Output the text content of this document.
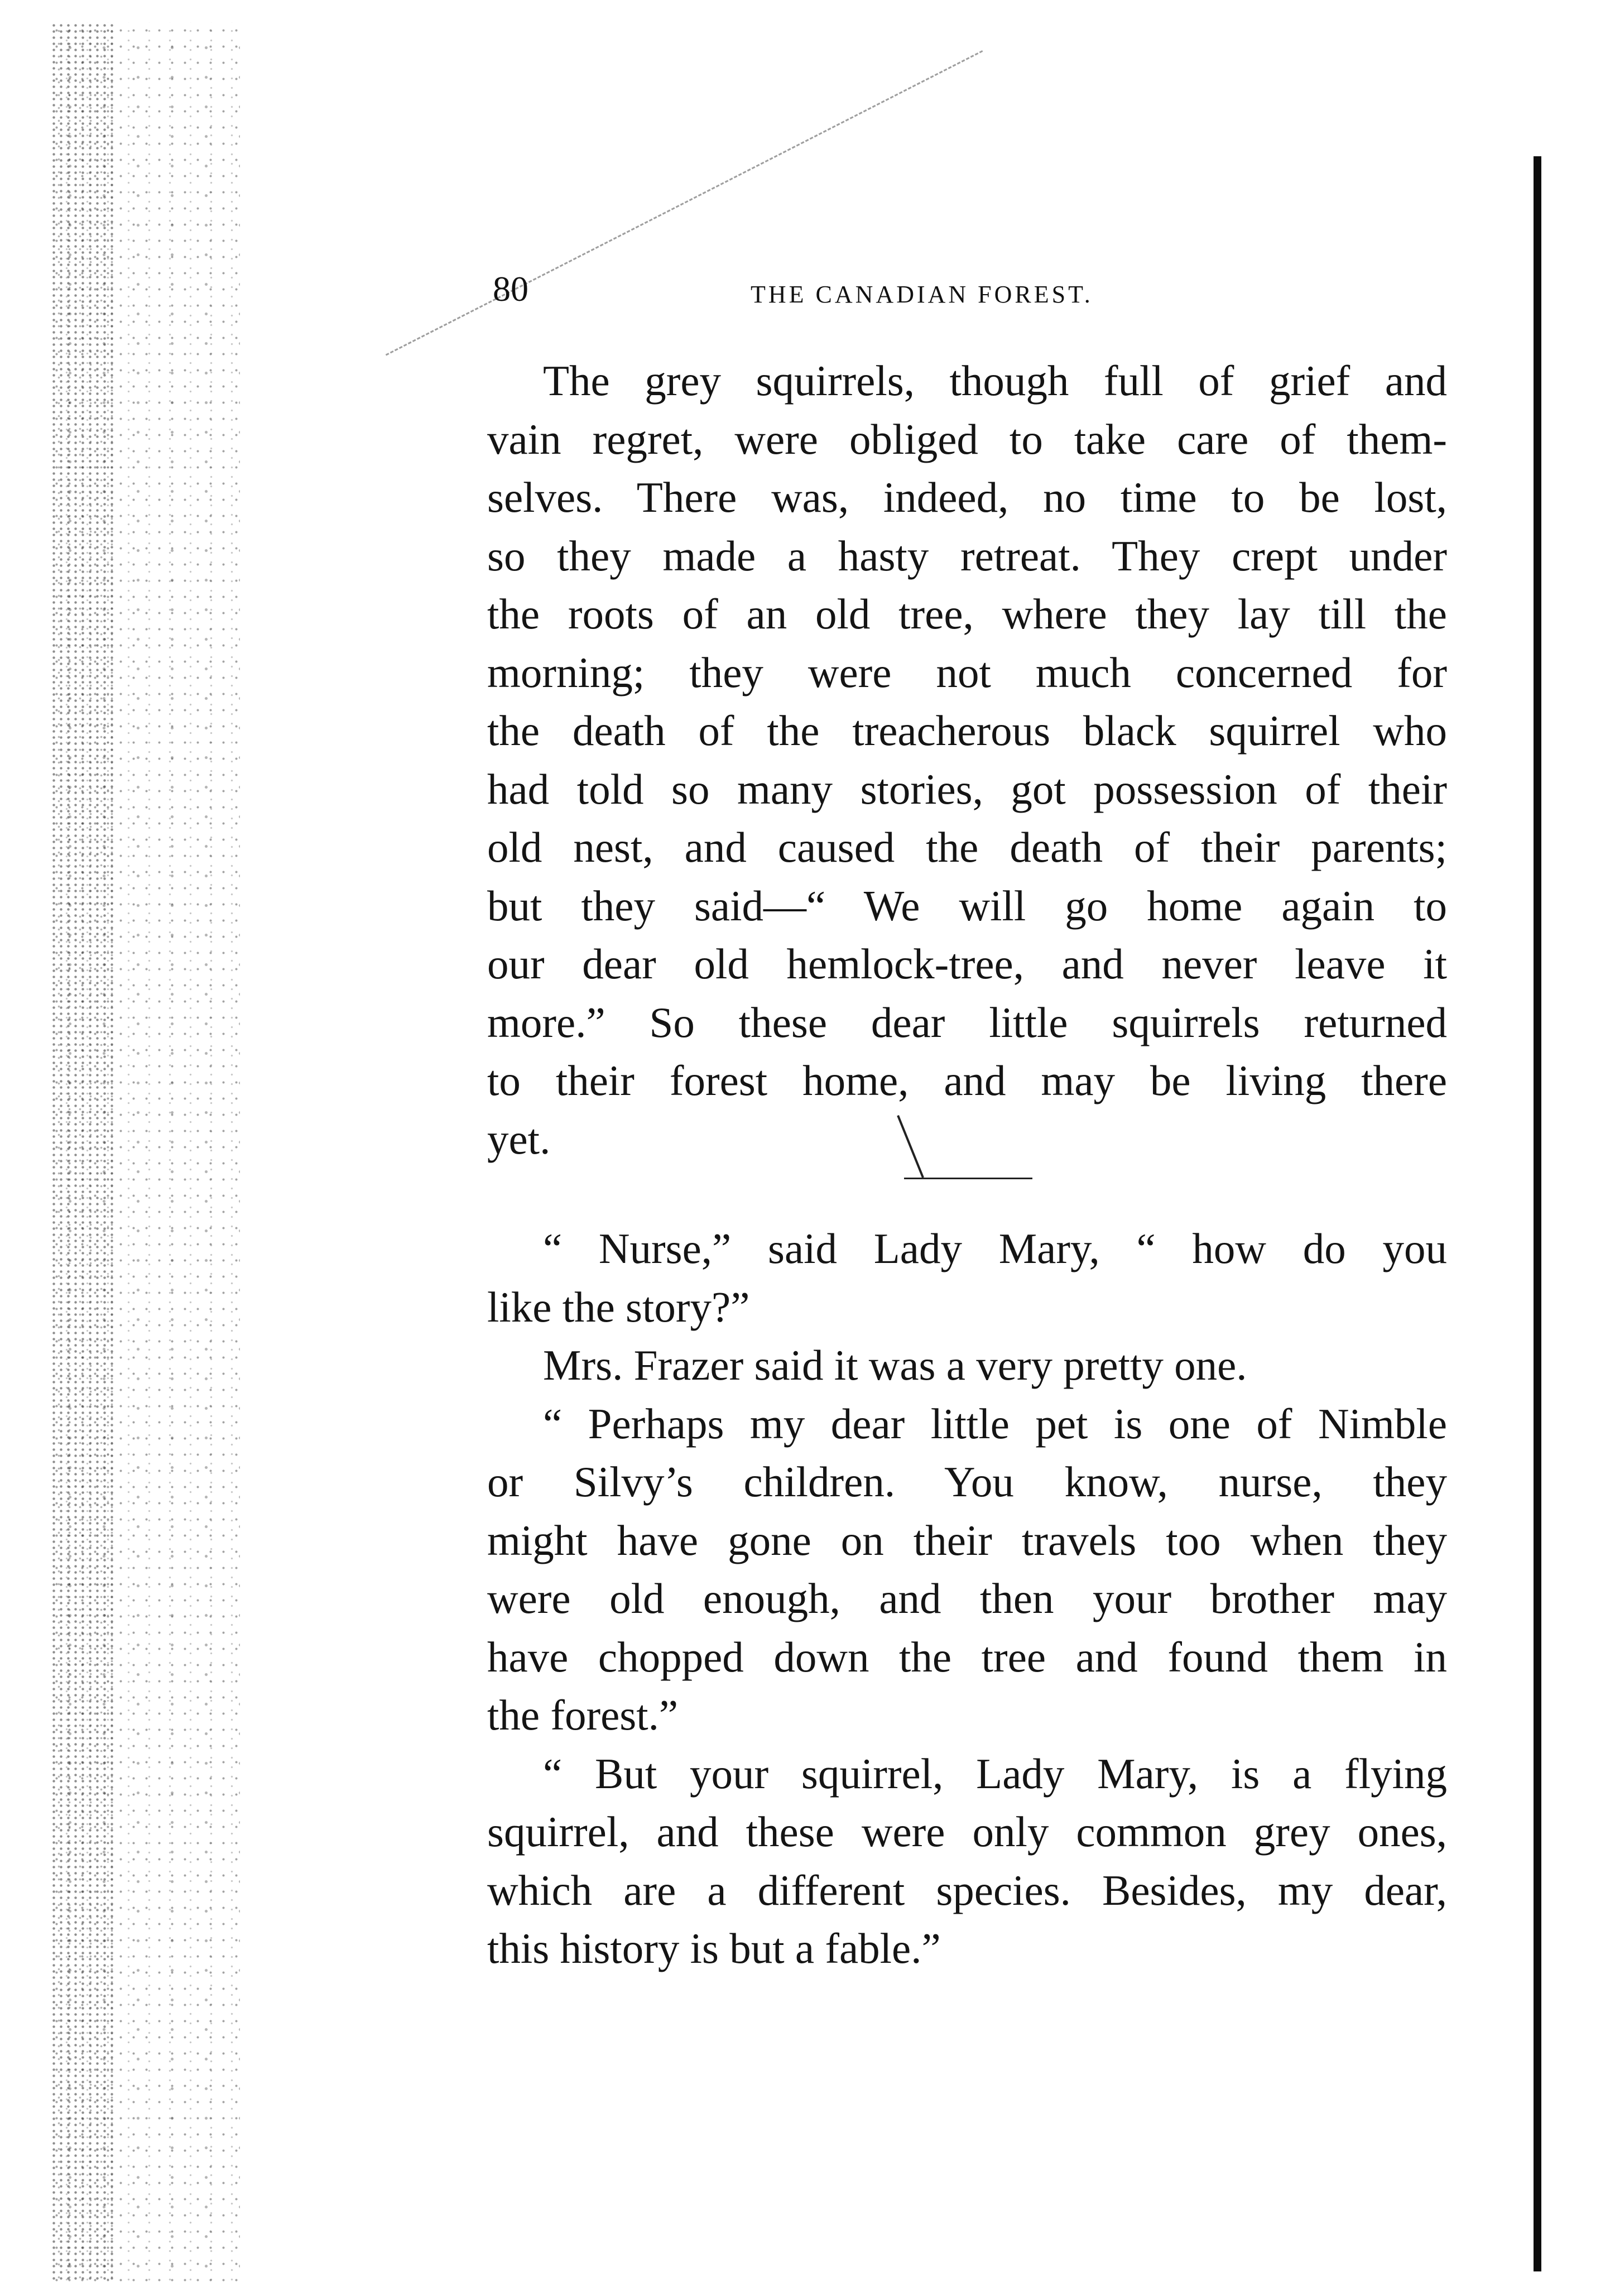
80	THE CANADIAN FOREST.
The grey squirrels, though full of grief and
vain regret, were obliged to take care of them-
selves. There was, indeed, no time to be lost,
so they made a hasty retreat. They crept under
the roots of an old tree, where they lay till the
morning; they were not much concerned for
the death of the treacherous black squirrel who
had told so many stories, got possession of their
old nest, and caused the death of their parents;
but they said—“ We will go home again to
our dear old hemlock-tree, and never leave it
more.” So these dear little squirrels returned
to their forest home, and may be living there
yet.
“ Nurse,” said Lady Mary, “ how do you
like the story?”
Mrs. Frazer said it was a very pretty one.
“ Perhaps my dear little pet is one of Nimble
or Silvy’s children. You know, nurse, they
might have gone on their travels too when they
were old enough, and then your brother may
have chopped down the tree and found them in
the forest.”
“ But your squirrel, Lady Mary, is a flying
squirrel, and these were only common grey ones,
which are a different species. Besides, my dear,
this history is but a fable.”
